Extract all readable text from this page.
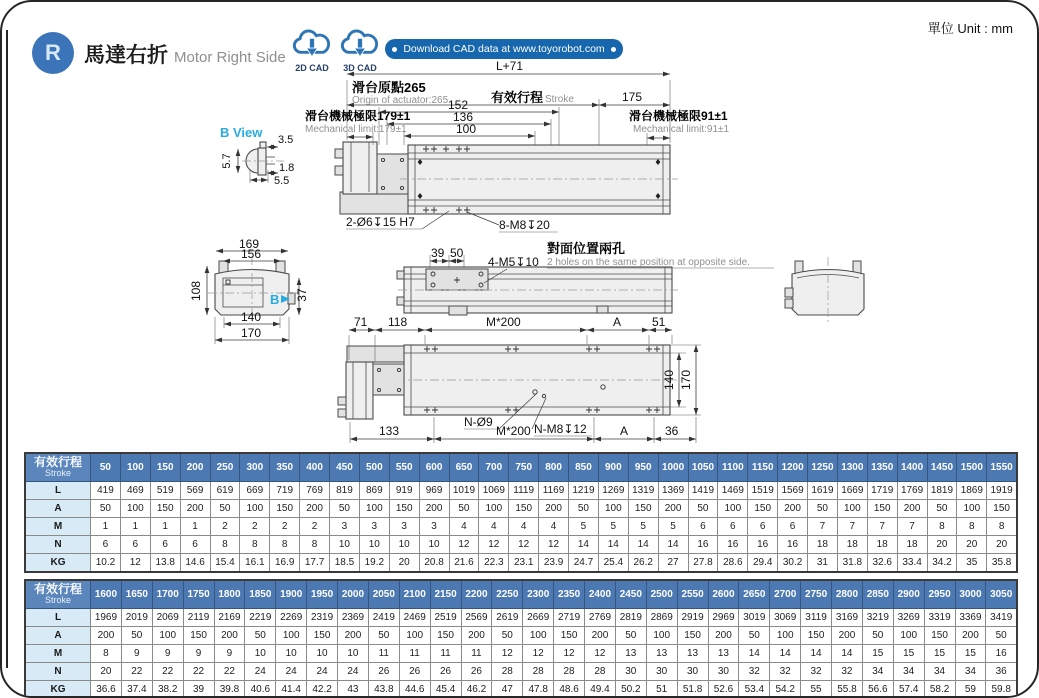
R 馬達右折 Motor Right Side
2D CAD	3D CAD
Download CAD data at www.toyorobot.com
單位 Unit : mm
L+71
滑台原點265
Origin of actuator:265	有效行程 Stroke	175
滑台機械極限179±1
Mechanical limit:179±1
152
136
100
滑台機械極限91±1
Mechanical limit:91±1
2-Ø6↧15 H7	8-M8↧20
B View 3.5
5.7	1.8
5.5
B
169
156
108	37
140
170
39 50
4-M5↧10
對面位置兩孔
2 holes on the same position at opposite side.
71 118	M*200	A	51
140 170
N-Ø9	N-M8↧12
133	M*200	A	36
有效行程
Stroke	50	100	150	200	250	300	350	400	450	500	550	600	650	700	750	800	850	900	950	1000	1050	1100	1150	1200	1250	1300	1350	1400	1450	1500	1550
L	419	469	519	569	619	669	719	769	819	869	919	969	1019	1069	1119	1169	1219	1269	1319	1369	1419	1469	1519	1569	1619	1669	1719	1769	1819	1869	1919
A	50	100	150	200	50	100	150	200	50	100	150	200	50	100	150	200	50	100	150	200	50	100	150	200	50	100	150	200	50	100	150
M	1	1	1	1	2	2	2	2	3	3	3	3	4	4	4	4	5	5	5	5	6	6	6	6	7	7	7	7	8	8	8
N	6	6	6	6	8	8	8	8	10	10	10	10	12	12	12	12	14	14	14	14	16	16	16	16	18	18	18	18	20	20	20
KG	10.2	12	13.8	14.6	15.4	16.1	16.9	17.7	18.5	19.2	20	20.8	21.6	22.3	23.1	23.9	24.7	25.4	26.2	27	27.8	28.6	29.4	30.2	31	31.8	32.6	33.4	34.2	35	35.8
有效行程
Stroke	1600	1650	1700	1750	1800	1850	1900	1950	2000	2050	2100	2150	2200	2250	2300	2350	2400	2450	2500	2550	2600	2650	2700	2750	2800	2850	2900	2950	3000	3050
L	1969	2019	2069	2119	2169	2219	2269	2319	2369	2419	2469	2519	2569	2619	2669	2719	2769	2819	2869	2919	2969	3019	3069	3119	3169	3219	3269	3319	3369	3419
A	200	50	100	150	200	50	100	150	200	50	100	150	200	50	100	150	200	50	100	150	200	50	100	150	200	50	100	150	200	50
M	8	9	9	9	9	10	10	10	10	11	11	11	11	12	12	12	12	13	13	13	13	14	14	14	14	15	15	15	15	16
N	20	22	22	22	22	24	24	24	24	26	26	26	26	28	28	28	28	30	30	30	30	32	32	32	32	34	34	34	34	36
KG	36.6	37.4	38.2	39	39.8	40.6	41.4	42.2	43	43.8	44.6	45.4	46.2	47	47.8	48.6	49.4	50.2	51	51.8	52.6	53.4	54.2	55	55.8	56.6	57.4	58.2	59	59.8
